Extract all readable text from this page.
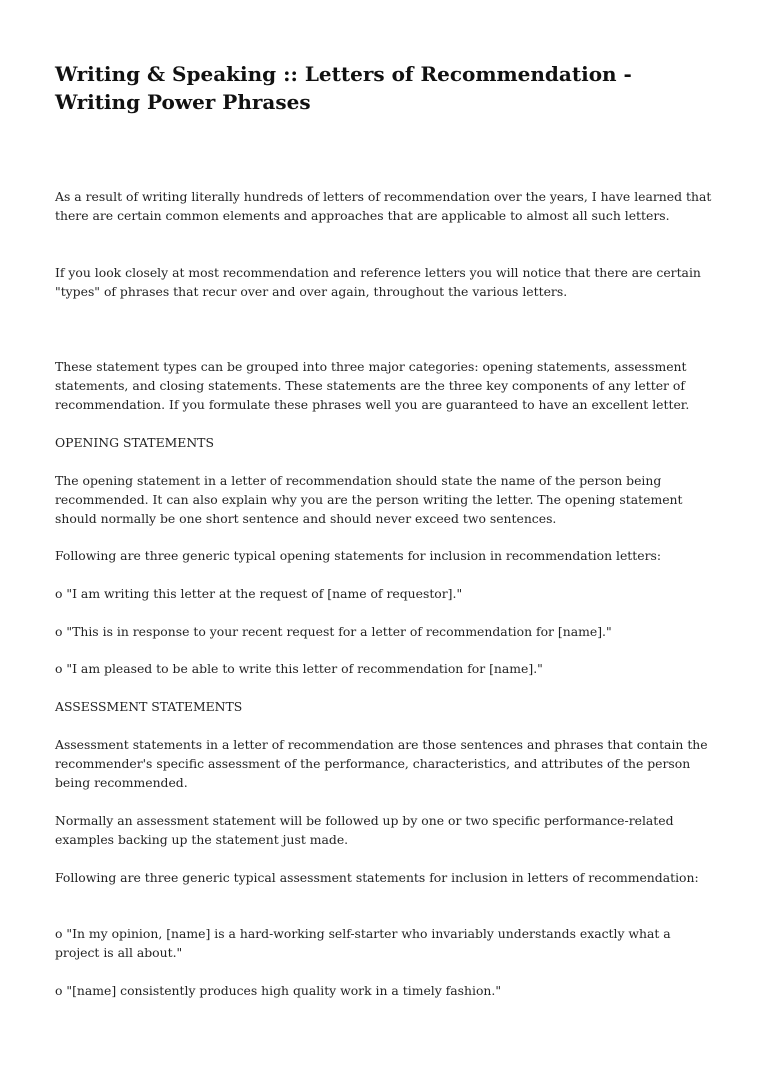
Writing & Speaking :: Letters of Recommendation - Writing Power Phrases

As a result of writing literally hundreds of letters of recommendation over the years, I have learned that there are certain common elements and approaches that are applicable to almost all such letters.

If you look closely at most recommendation and reference letters you will notice that there are certain "types" of phrases that recur over and over again, throughout the various letters.

These statement types can be grouped into three major categories: opening statements, assessment statements, and closing statements. These statements are the three key components of any letter of recommendation. If you formulate these phrases well you are guaranteed to have an excellent letter.

OPENING STATEMENTS

The opening statement in a letter of recommendation should state the name of the person being recommended. It can also explain why you are the person writing the letter. The opening statement should normally be one short sentence and should never exceed two sentences.

Following are three generic typical opening statements for inclusion in recommendation letters:

o "I am writing this letter at the request of [name of requestor]."

o "This is in response to your recent request for a letter of recommendation for [name]."

o "I am pleased to be able to write this letter of recommendation for [name]."

ASSESSMENT STATEMENTS

Assessment statements in a letter of recommendation are those sentences and phrases that contain the recommender's specific assessment of the performance, characteristics, and attributes of the person being recommended.

Normally an assessment statement will be followed up by one or two specific performance-related examples backing up the statement just made.

Following are three generic typical assessment statements for inclusion in letters of recommendation:

o "In my opinion, [name] is a hard-working self-starter who invariably understands exactly what a project is all about."

o "[name] consistently produces high quality work in a timely fashion."
